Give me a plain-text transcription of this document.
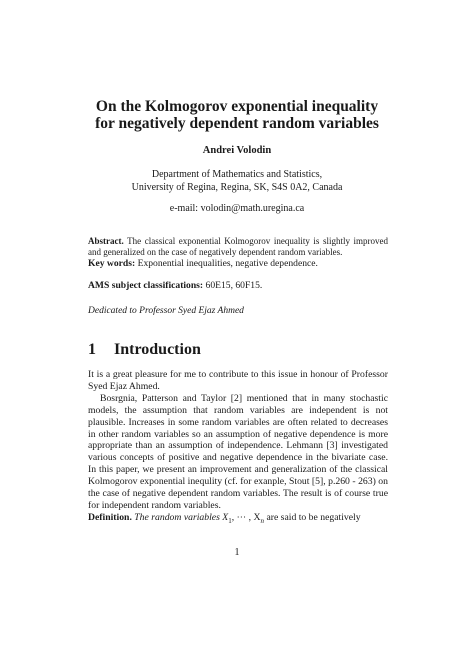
On the Kolmogorov exponential inequality
for negatively dependent random variables
Andrei Volodin
Department of Mathematics and Statistics,
University of Regina, Regina, SK, S4S 0A2, Canada
e-mail: volodin@math.uregina.ca
Abstract. The classical exponential Kolmogorov inequality is slightly improved and generalized on the case of negatively dependent random variables.
Key words: Exponential inequalities, negative dependence.
AMS subject classifications: 60E15, 60F15.
Dedicated to Professor Syed Ejaz Ahmed
1 Introduction

It is a great pleasure for me to contribute to this issue in honour of Professor Syed Ejaz Ahmed.

Bosrgnia, Patterson and Taylor [2] mentioned that in many stochastic models, the assumption that random variables are independent is not plausible. Increases in some random variables are often related to decreases in other random variables so an assumption of negative dependence is more appropriate than an assumption of independence. Lehmann [3] investigated various concepts of positive and negative dependence in the bivariate case. In this paper, we present an improvement and generalization of the classical Kolmogorov exponential inequlity (cf. for exanple, Stout [5], p.260 - 263) on the case of negative dependent random variables. The result is of course true for independent random variables.

Definition. The random variables $X_1$, ⋯ , $X_n$ are said to be negatively

1
